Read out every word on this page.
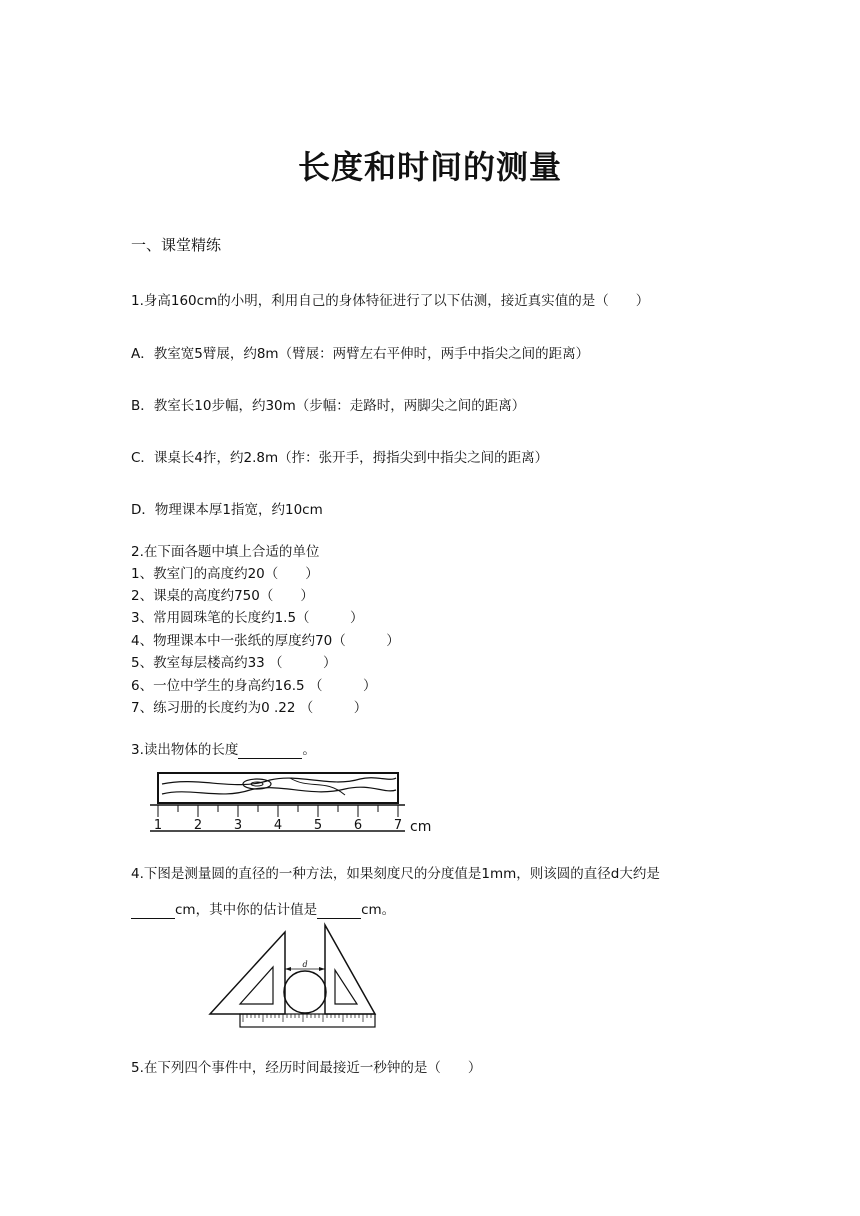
长度和时间的测量
一、课堂精练
1.身高160cm的小明，利用自己的身体特征进行了以下估测，接近真实值的是（　　）
A．教室宽5臂展，约8m（臂展：两臂左右平伸时，两手中指尖之间的距离）
B．教室长10步幅，约30m（步幅：走路时，两脚尖之间的距离）
C．课桌长4拃，约2.8m（拃：张开手，拇指尖到中指尖之间的距离）
D．物理课本厚1指宽，约10cm
2.在下面各题中填上合适的单位
1、教室门的高度约20（　　）
2、课桌的高度约750（　　）
3、常用圆珠笔的长度约1.5（　　　）
4、物理课本中一张纸的厚度约70（　　　）
5、教室每层楼高约33 （　　　）
6、一位中学生的身高约16.5 （　　　）
7、练习册的长度约为0 .22 （　　　）
3.读出物体的长度	。
1 2 3 4 5 6 7 cm
4.下图是测量圆的直径的一种方法，如果刻度尺的分度值是1mm，则该圆的直径d大约是
cm，其中你的估计值是	cm。
d
5.在下列四个事件中，经历时间最接近一秒钟的是（　　）
